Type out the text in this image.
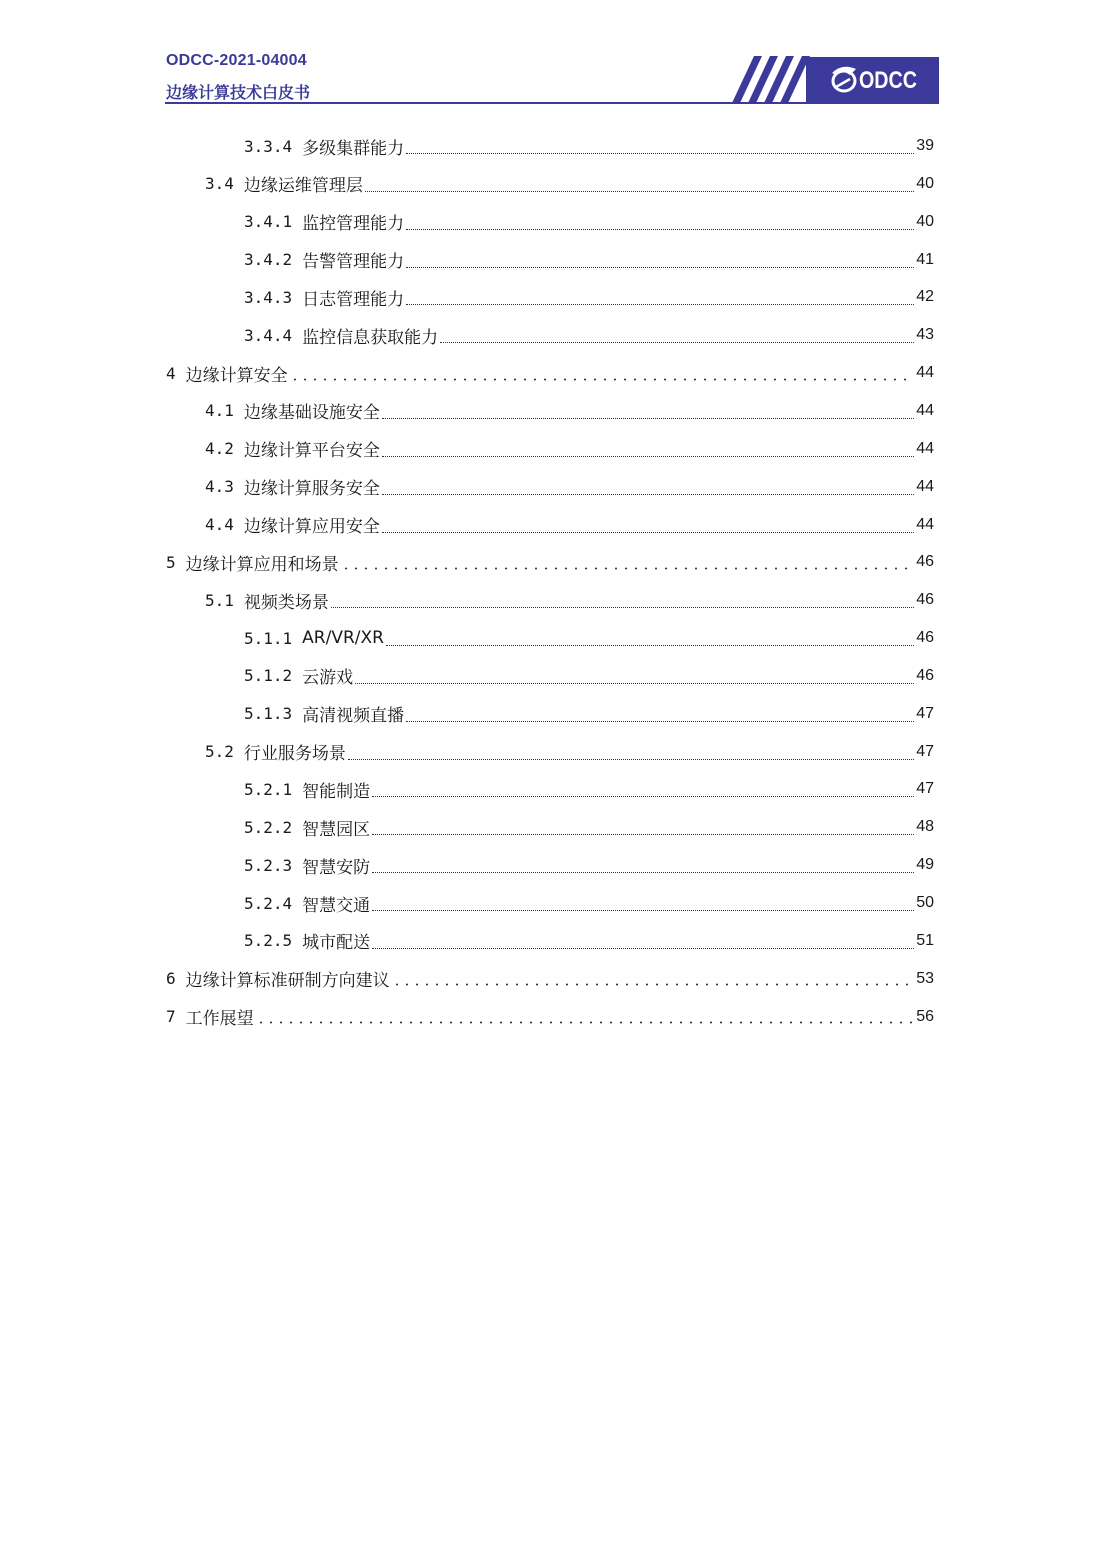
ODCC-2021-04004
边缘计算技术白皮书	ODCC
3.3.4 多级集群能力	39
3.4 边缘运维管理层	40
3.4.1 监控管理能力	40
3.4.2 告警管理能力	41
3.4.3 日志管理能力	42
3.4.4 监控信息获取能力	43
4 边缘计算安全	44
4.1 边缘基础设施安全	44
4.2 边缘计算平台安全	44
4.3 边缘计算服务安全	44
4.4 边缘计算应用安全	44
5 边缘计算应用和场景	46
5.1 视频类场景	46
5.1.1 AR/VR/XR	46
5.1.2 云游戏	46
5.1.3 高清视频直播	47
5.2 行业服务场景	47
5.2.1 智能制造	47
5.2.2 智慧园区	48
5.2.3 智慧安防	49
5.2.4 智慧交通	50
5.2.5 城市配送	51
6 边缘计算标准研制方向建议	53
7 工作展望	56
